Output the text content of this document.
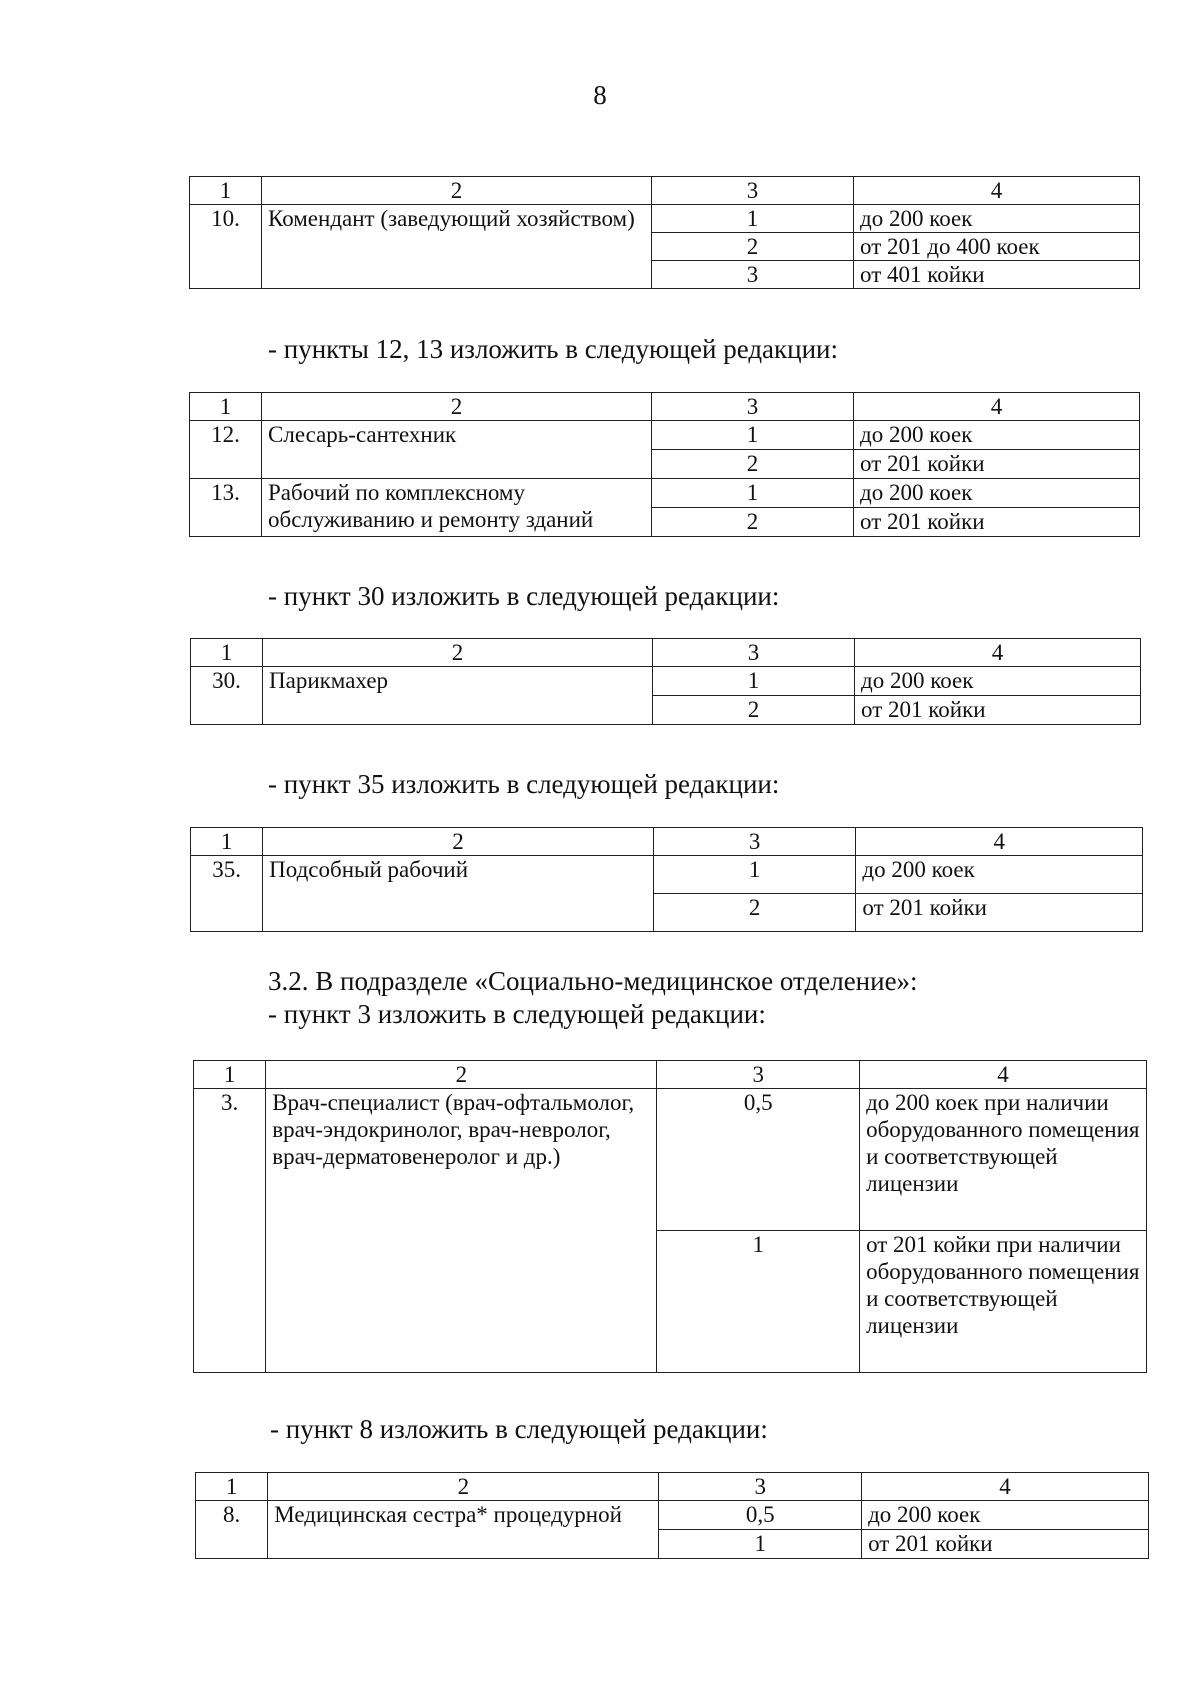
8
1	2	3	4
10.	Комендант (заведующий хозяйством)	1	до 200 коек
		2	от 201 до 400 коек
		3	от 401 койки
- пункты 12, 13 изложить в следующей редакции:
1	2	3	4
12.	Слесарь-сантехник	1	до 200 коек
		2	от 201 койки
13.	Рабочий по комплексному обслуживанию и ремонту зданий	1	до 200 коек
		2	от 201 койки
- пункт 30 изложить в следующей редакции:
1	2	3	4
30.	Парикмахер	1	до 200 коек
		2	от 201 койки
- пункт 35 изложить в следующей редакции:
1	2	3	4
35.	Подсобный рабочий	1	до 200 коек
		2	от 201 койки
3.2. В подразделе «Социально-медицинское отделение»:
- пункт 3 изложить в следующей редакции:
1	2	3	4
3.	Врач-специалист (врач-офтальмолог, врач-эндокринолог, врач-невролог, врач-дерматовенеролог и др.)	0,5	до 200 коек при наличии оборудованного помещения и соответствующей лицензии
		1	от 201 койки при наличии оборудованного помещения и соответствующей лицензии
- пункт 8 изложить в следующей редакции:
1	2	3	4
8.	Медицинская сестра* процедурной	0,5	до 200 коек
		1	от 201 койки
